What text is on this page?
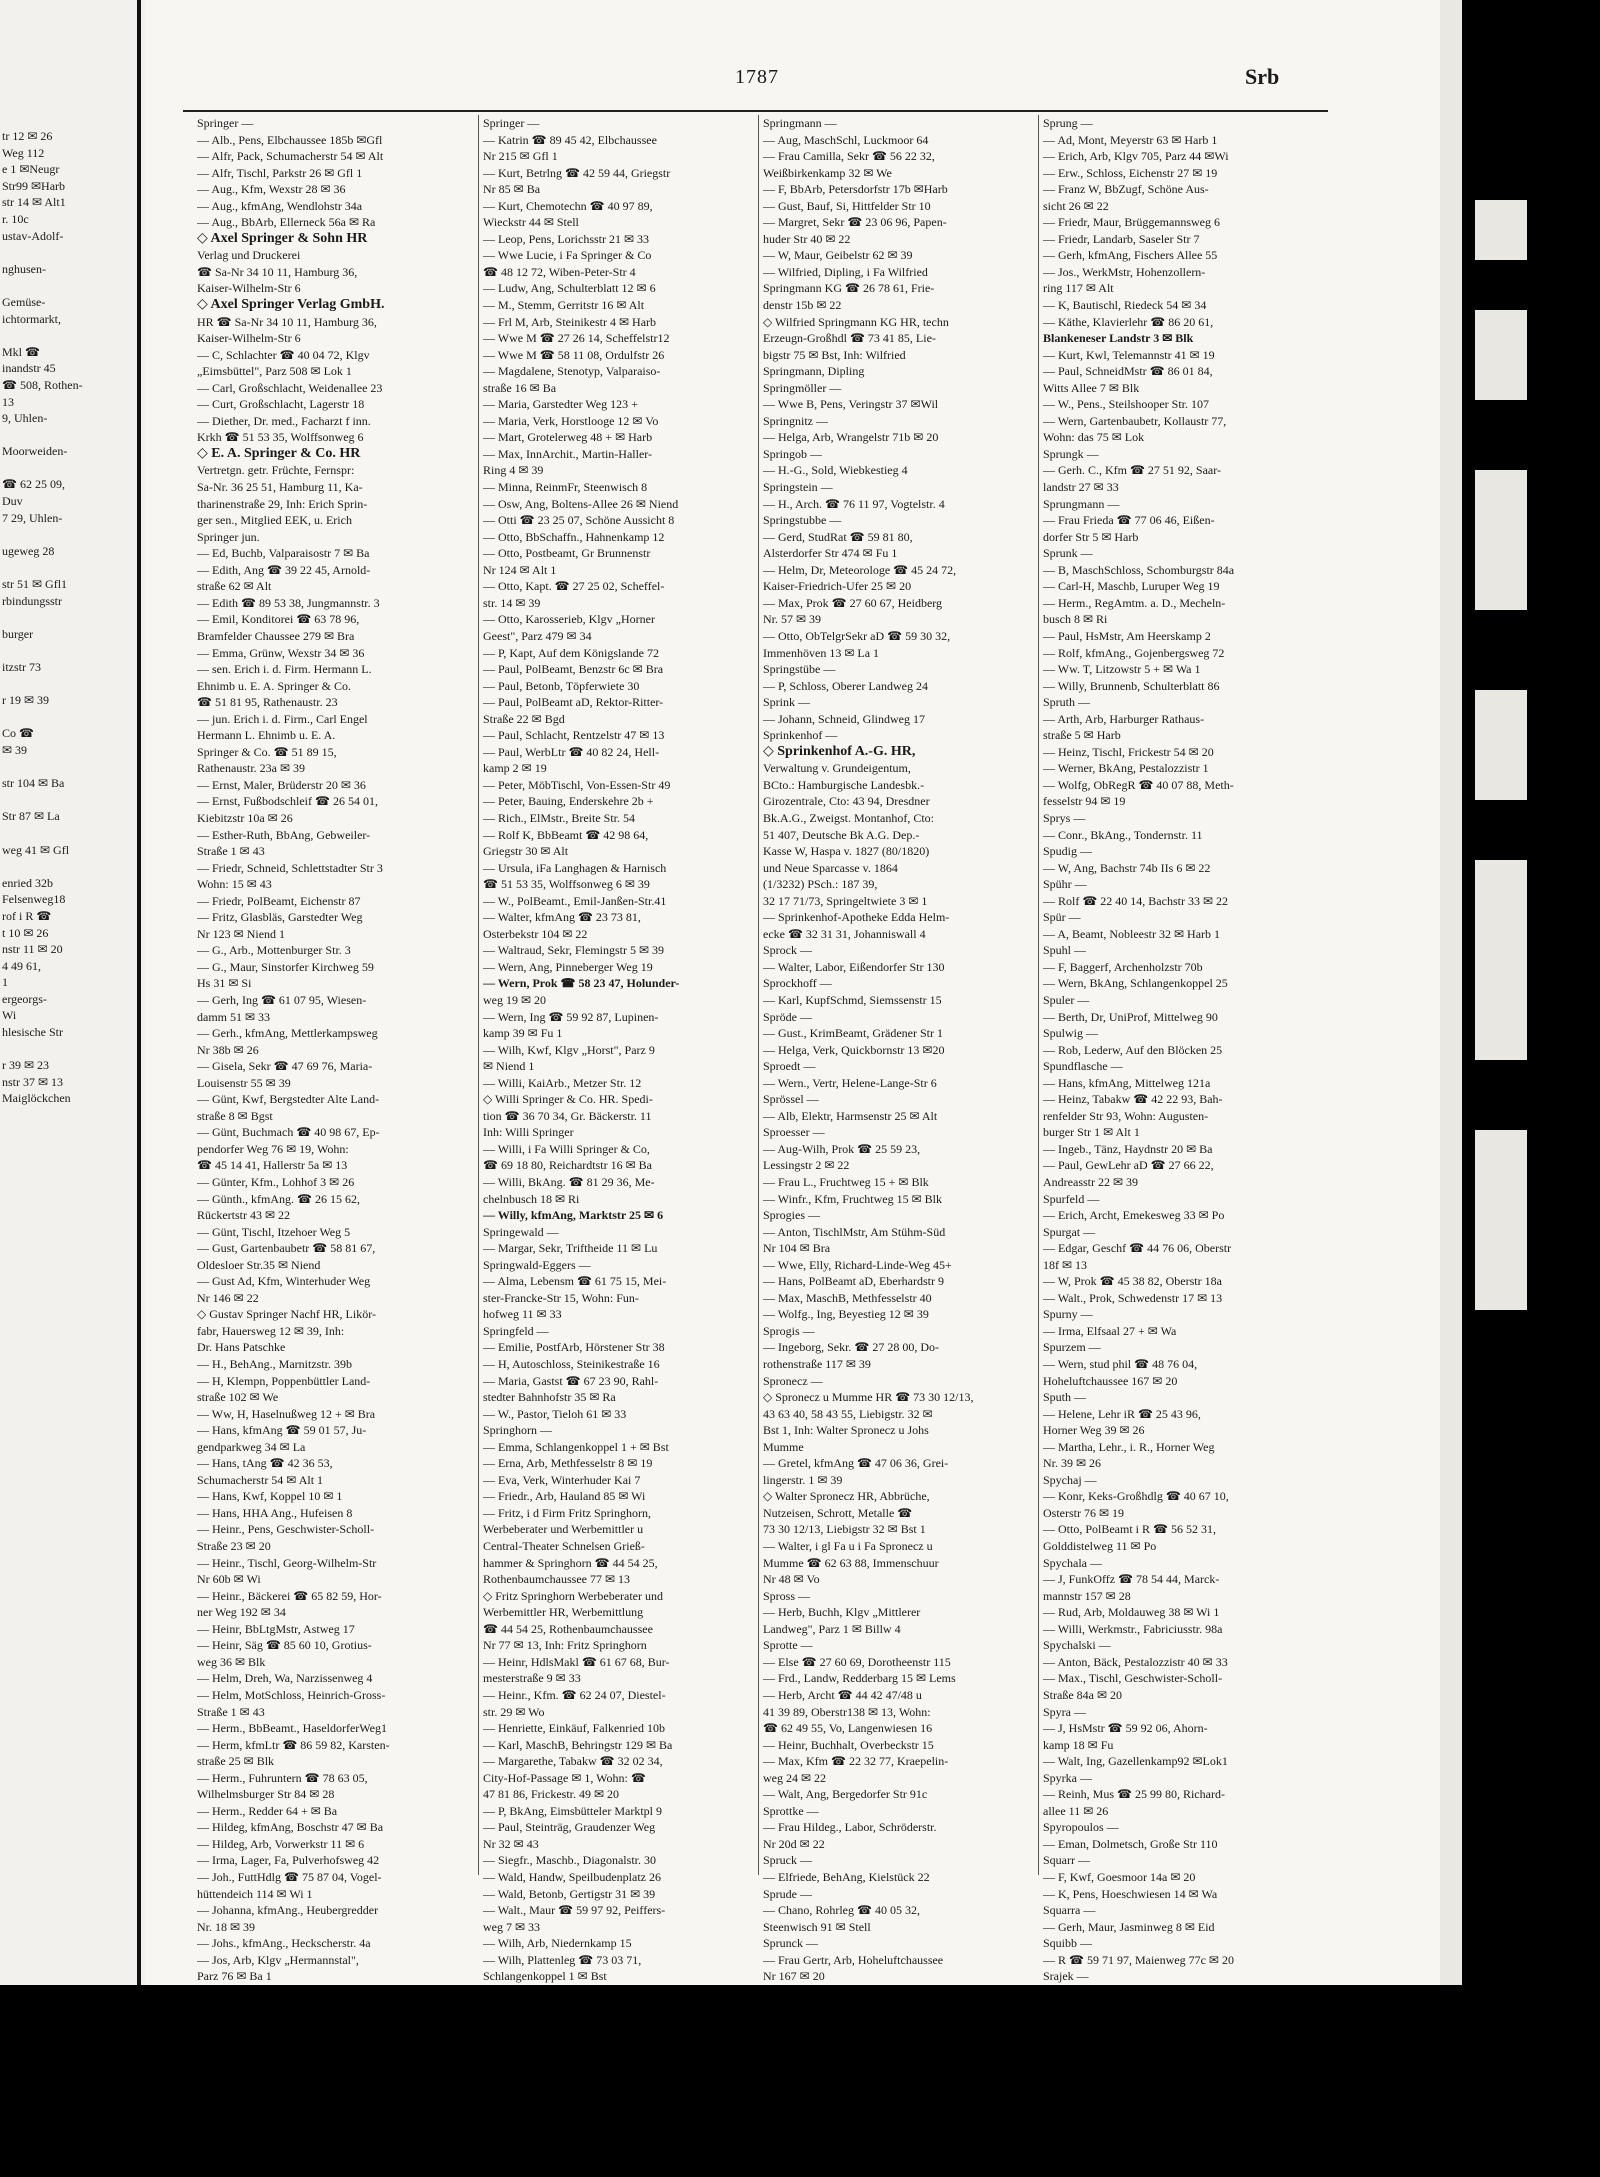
tr 12 ✉ 26
Weg 112
e 1 ✉Neugr
Str99 ✉Harb
str 14 ✉ Alt1
r. 10c
ustav-Adolf-

nghusen-

Gemüse-
ichtormarkt,

Mkl ☎
inandstr 45
☎ 508, Rothen-
13
9, Uhlen-

Moorweiden-

☎ 62 25 09,
Duv
7 29, Uhlen-

ugeweg 28

str 51 ✉ Gfl1
rbindungsstr

burger

itzstr 73

r 19 ✉ 39

Co ☎
✉ 39

str 104 ✉ Ba

Str 87 ✉ La

weg 41 ✉ Gfl

enried 32b
Felsenweg18
rof i R ☎
t 10 ✉ 26
nstr 11 ✉ 20
4 49 61,
1
ergeorgs-
Wi
hlesische Str

r 39 ✉ 23
nstr 37 ✉ 13
Maiglöckchen

1787	Srb
Springer —
— Alb., Pens, Elbchaussee 185b ✉Gfl
— Alfr, Pack, Schumacherstr 54 ✉ Alt
— Alfr, Tischl, Parkstr 26 ✉ Gfl 1
— Aug., Kfm, Wexstr 28 ✉ 36
— Aug., kfmAng, Wendlohstr 34a
— Aug., BbArb, Ellerneck 56a ✉ Ra
◇ Axel Springer & Sohn HR
Verlag und Druckerei
☎ Sa-Nr 34 10 11, Hamburg 36,
Kaiser-Wilhelm-Str 6
◇ Axel Springer Verlag GmbH.
HR ☎ Sa-Nr 34 10 11, Hamburg 36,
Kaiser-Wilhelm-Str 6
— C, Schlachter ☎ 40 04 72, Klgv
„Eimsbüttel", Parz 508 ✉ Lok 1
— Carl, Großschlacht, Weidenallee 23
— Curt, Großschlacht, Lagerstr 18
— Diether, Dr. med., Facharzt f inn.
Krkh ☎ 51 53 35, Wolffsonweg 6
◇ E. A. Springer & Co. HR
Vertretgn. getr. Früchte, Fernspr:
Sa-Nr. 36 25 51, Hamburg 11, Ka-
tharinenstraße 29, Inh: Erich Sprin-
ger sen., Mitglied EEK, u. Erich
Springer jun.
— Ed, Buchb, Valparaisostr 7 ✉ Ba
— Edith, Ang ☎ 39 22 45, Arnold-
straße 62 ✉ Alt
— Edith ☎ 89 53 38, Jungmannstr. 3
— Emil, Konditorei ☎ 63 78 96,
Bramfelder Chaussee 279 ✉ Bra
— Emma, Grünw, Wexstr 34 ✉ 36
— sen. Erich i. d. Firm. Hermann L.
Ehnimb u. E. A. Springer & Co.
☎ 51 81 95, Rathenaustr. 23
— jun. Erich i. d. Firm., Carl Engel
Hermann L. Ehnimb u. E. A.
Springer & Co. ☎ 51 89 15,
Rathenaustr. 23a ✉ 39
— Ernst, Maler, Brüderstr 20 ✉ 36
— Ernst, Fußbodschleif ☎ 26 54 01,
Kiebitzstr 10a ✉ 26
— Esther-Ruth, BbAng, Gebweiler-
Straße 1 ✉ 43
— Friedr, Schneid, Schlettstadter Str 3
Wohn: 15 ✉ 43
— Friedr, PolBeamt, Eichenstr 87
— Fritz, Glasbläs, Garstedter Weg
Nr 123 ✉ Niend 1
— G., Arb., Mottenburger Str. 3
— G., Maur, Sinstorfer Kirchweg 59
Hs 31 ✉ Si
— Gerh, Ing ☎ 61 07 95, Wiesen-
damm 51 ✉ 33
— Gerh., kfmAng, Mettlerkampsweg
Nr 38b ✉ 26
— Gisela, Sekr ☎ 47 69 76, Maria-
Louisenstr 55 ✉ 39
— Günt, Kwf, Bergstedter Alte Land-
straße 8 ✉ Bgst
— Günt, Buchmach ☎ 40 98 67, Ep-
pendorfer Weg 76 ✉ 19, Wohn:
☎ 45 14 41, Hallerstr 5a ✉ 13
— Günter, Kfm., Lohhof 3 ✉ 26
— Günth., kfmAng. ☎ 26 15 62,
Rückertstr 43 ✉ 22
— Günt, Tischl, Itzehoer Weg 5
— Gust, Gartenbaubetr ☎ 58 81 67,
Oldesloer Str.35 ✉ Niend
— Gust Ad, Kfm, Winterhuder Weg
Nr 146 ✉ 22
◇ Gustav Springer Nachf HR, Likör-
fabr, Hauersweg 12 ✉ 39, Inh:
Dr. Hans Patschke
— H., BehAng., Marnitzstr. 39b
— H, Klempn, Poppenbüttler Land-
straße 102 ✉ We
— Ww, H, Haselnußweg 12 + ✉ Bra
— Hans, kfmAng ☎ 59 01 57, Ju-
gendparkweg 34 ✉ La
— Hans, tAng ☎ 42 36 53,
Schumacherstr 54 ✉ Alt 1
— Hans, Kwf, Koppel 10 ✉ 1
— Hans, HHA Ang., Hufeisen 8
— Heinr., Pens, Geschwister-Scholl-
Straße 23 ✉ 20
— Heinr., Tischl, Georg-Wilhelm-Str
Nr 60b ✉ Wi
— Heinr., Bäckerei ☎ 65 82 59, Hor-
ner Weg 192 ✉ 34
— Heinr, BbLtgMstr, Astweg 17
— Heinr, Säg ☎ 85 60 10, Grotius-
weg 36 ✉ Blk
— Helm, Dreh, Wa, Narzissenweg 4
— Helm, MotSchloss, Heinrich-Gross-
Straße 1 ✉ 43
— Herm., BbBeamt., HaseldorferWeg1
— Herm, kfmLtr ☎ 86 59 82, Karsten-
straße 25 ✉ Blk
— Herm., Fuhruntern ☎ 78 63 05,
Wilhelmsburger Str 84 ✉ 28
— Herm., Redder 64 + ✉ Ba
— Hildeg, kfmAng, Boschstr 47 ✉ Ba
— Hildeg, Arb, Vorwerkstr 11 ✉ 6
— Irma, Lager, Fa, Pulverhofsweg 42
— Joh., FuttHdlg ☎ 75 87 04, Vogel-
hüttendeich 114 ✉ Wi 1
— Johanna, kfmAng., Heubergredder
Nr. 18 ✉ 39
— Johs., kfmAng., Heckscherstr. 4a
— Jos, Arb, Klgv „Hermannstal",
Parz 76 ✉ Ba 1
Springer —
— Katrin ☎ 89 45 42, Elbchaussee
Nr 215 ✉ Gfl 1
— Kurt, Betrlng ☎ 42 59 44, Griegstr
Nr 85 ✉ Ba
— Kurt, Chemotechn ☎ 40 97 89,
Wieckstr 44 ✉ Stell
— Leop, Pens, Lorichsstr 21 ✉ 33
— Wwe Lucie, i Fa Springer & Co
☎ 48 12 72, Wiben-Peter-Str 4
— Ludw, Ang, Schulterblatt 12 ✉ 6
— M., Stemm, Gerritstr 16 ✉ Alt
— Frl M, Arb, Steinikestr 4 ✉ Harb
— Wwe M ☎ 27 26 14, Scheffelstr12
— Wwe M ☎ 58 11 08, Ordulfstr 26
— Magdalene, Stenotyp, Valparaiso-
straße 16 ✉ Ba
— Maria, Garstedter Weg 123 +
— Maria, Verk, Horstlooge 12 ✉ Vo
— Mart, Grotelerweg 48 + ✉ Harb
— Max, InnArchit., Martin-Haller-
Ring 4 ✉ 39
— Minna, ReinmFr, Steenwisch 8
— Osw, Ang, Boltens-Allee 26 ✉ Niend
— Otti ☎ 23 25 07, Schöne Aussicht 8
— Otto, BbSchaffn., Hahnenkamp 12
— Otto, Postbeamt, Gr Brunnenstr
Nr 124 ✉ Alt 1
— Otto, Kapt. ☎ 27 25 02, Scheffel-
str. 14 ✉ 39
— Otto, Karosserieb, Klgv „Horner
Geest", Parz 479 ✉ 34
— P, Kapt, Auf dem Königslande 72
— Paul, PolBeamt, Benzstr 6c ✉ Bra
— Paul, Betonb, Töpferwiete 30
— Paul, PolBeamt aD, Rektor-Ritter-
Straße 22 ✉ Bgd
— Paul, Schlacht, Rentzelstr 47 ✉ 13
— Paul, WerbLtr ☎ 40 82 24, Hell-
kamp 2 ✉ 19
— Peter, MöbTischl, Von-Essen-Str 49
— Peter, Bauing, Enderskehre 2b +
— Rich., ElMstr., Breite Str. 54
— Rolf K, BbBeamt ☎ 42 98 64,
Griegstr 30 ✉ Alt
— Ursula, iFa Langhagen & Harnisch
☎ 51 53 35, Wolffsonweg 6 ✉ 39
— W., PolBeamt., Emil-Janßen-Str.41
— Walter, kfmAng ☎ 23 73 81,
Osterbekstr 104 ✉ 22
— Waltraud, Sekr, Flemingstr 5 ✉ 39
— Wern, Ang, Pinneberger Weg 19
— Wern, Prok ☎ 58 23 47, Holunder-
weg 19 ✉ 20
— Wern, Ing ☎ 59 92 87, Lupinen-
kamp 39 ✉ Fu 1
— Wilh, Kwf, Klgv „Horst", Parz 9
✉ Niend 1
— Willi, KaiArb., Metzer Str. 12
◇ Willi Springer & Co. HR. Spedi-
tion ☎ 36 70 34, Gr. Bäckerstr. 11
Inh: Willi Springer
— Willi, i Fa Willi Springer & Co,
☎ 69 18 80, Reichardtstr 16 ✉ Ba
— Willi, BkAng. ☎ 81 29 36, Me-
chelnbusch 18 ✉ Ri
— Willy, kfmAng, Marktstr 25 ✉ 6
Springewald —
— Margar, Sekr, Triftheide 11 ✉ Lu
Springwald-Eggers —
— Alma, Lebensm ☎ 61 75 15, Mei-
ster-Francke-Str 15, Wohn: Fun-
hofweg 11 ✉ 33
Springfeld —
— Emilie, PostfArb, Hörstener Str 38
— H, Autoschloss, Steinikestraße 16
— Maria, Gastst ☎ 67 23 90, Rahl-
stedter Bahnhofstr 35 ✉ Ra
— W., Pastor, Tieloh 61 ✉ 33
Springhorn —
— Emma, Schlangenkoppel 1 + ✉ Bst
— Erna, Arb, Methfesselstr 8 ✉ 19
— Eva, Verk, Winterhuder Kai 7
— Friedr., Arb, Hauland 85 ✉ Wi
— Fritz, i d Firm Fritz Springhorn,
Werbeberater und Werbemittler u
Central-Theater Schnelsen Grieß-
hammer & Springhorn ☎ 44 54 25,
Rothenbaumchaussee 77 ✉ 13
◇ Fritz Springhorn Werbeberater und
Werbemittler HR, Werbemittlung
☎ 44 54 25, Rothenbaumchaussee
Nr 77 ✉ 13, Inh: Fritz Springhorn
— Heinr, HdlsMakl ☎ 61 67 68, Bur-
mesterstraße 9 ✉ 33
— Heinr., Kfm. ☎ 62 24 07, Diestel-
str. 29 ✉ Wo
— Henriette, Einkäuf, Falkenried 10b
— Karl, MaschB, Behringstr 129 ✉ Ba
— Margarethe, Tabakw ☎ 32 02 34,
City-Hof-Passage ✉ 1, Wohn: ☎
47 81 86, Frickestr. 49 ✉ 20
— P, BkAng, Eimsbütteler Marktpl 9
— Paul, Steinträg, Graudenzer Weg
Nr 32 ✉ 43
— Siegfr., Maschb., Diagonalstr. 30
— Wald, Handw, Speilbudenplatz 26
— Wald, Betonb, Gertigstr 31 ✉ 39
— Walt., Maur ☎ 59 97 92, Peiffers-
weg 7 ✉ 33
— Wilh, Arb, Niedernkamp 15
— Wilh, Plattenleg ☎ 73 03 71,
Schlangenkoppel 1 ✉ Bst
Springmann —
— Aug, MaschSchl, Luckmoor 64
— Frau Camilla, Sekr ☎ 56 22 32,
Weißbirkenkamp 32 ✉ We
— F, BbArb, Petersdorfstr 17b ✉Harb
— Gust, Bauf, Si, Hittfelder Str 10
— Margret, Sekr ☎ 23 06 96, Papen-
huder Str 40 ✉ 22
— W, Maur, Geibelstr 62 ✉ 39
— Wilfried, Dipling, i Fa Wilfried
Springmann KG ☎ 26 78 61, Frie-
denstr 15b ✉ 22
◇ Wilfried Springmann KG HR, techn
Erzeugn-Großhdl ☎ 73 41 85, Lie-
bigstr 75 ✉ Bst, Inh: Wilfried
Springmann, Dipling
Springmöller —
— Wwe B, Pens, Veringstr 37 ✉Wil
Springnitz —
— Helga, Arb, Wrangelstr 71b ✉ 20
Springob —
— H.-G., Sold, Wiebkestieg 4
Springstein —
— H., Arch. ☎ 76 11 97, Vogtelstr. 4
Springstubbe —
— Gerd, StudRat ☎ 59 81 80,
Alsterdorfer Str 474 ✉ Fu 1
— Helm, Dr, Meteorologe ☎ 45 24 72,
Kaiser-Friedrich-Ufer 25 ✉ 20
— Max, Prok ☎ 27 60 67, Heidberg
Nr. 57 ✉ 39
— Otto, ObTelgrSekr aD ☎ 59 30 32,
Immenhöven 13 ✉ La 1
Springstübe —
— P, Schloss, Oberer Landweg 24
Sprink —
— Johann, Schneid, Glindweg 17
Sprinkenhof —
◇ Sprinkenhof A.-G. HR,
Verwaltung v. Grundeigentum,
BCto.: Hamburgische Landesbk.-
Girozentrale, Cto: 43 94, Dresdner
Bk.A.G., Zweigst. Montanhof, Cto:
51 407, Deutsche Bk A.G. Dep.-
Kasse W, Haspa v. 1827 (80/1820)
und Neue Sparcasse v. 1864
(1/3232) PSch.: 187 39,
32 17 71/73, Springeltwiete 3 ✉ 1
— Sprinkenhof-Apotheke Edda Helm-
ecke ☎ 32 31 31, Johanniswall 4
Sprock —
— Walter, Labor, Eißendorfer Str 130
Sprockhoff —
— Karl, KupfSchmd, Siemssenstr 15
Spröde —
— Gust., KrimBeamt, Grädener Str 1
— Helga, Verk, Quickbornstr 13 ✉20
Sproedt —
— Wern., Vertr, Helene-Lange-Str 6
Sprössel —
— Alb, Elektr, Harmsenstr 25 ✉ Alt
Sproesser —
— Aug-Wilh, Prok ☎ 25 59 23,
Lessingstr 2 ✉ 22
— Frau L., Fruchtweg 15 + ✉ Blk
— Winfr., Kfm, Fruchtweg 15 ✉ Blk
Sprogies —
— Anton, TischlMstr, Am Stühm-Süd
Nr 104 ✉ Bra
— Wwe, Elly, Richard-Linde-Weg 45+
— Hans, PolBeamt aD, Eberhardstr 9
— Max, MaschB, Methfesselstr 40
— Wolfg., Ing, Beyestieg 12 ✉ 39
Sprogis —
— Ingeborg, Sekr. ☎ 27 28 00, Do-
rothenstraße 117 ✉ 39
Spronecz —
◇ Spronecz u Mumme HR ☎ 73 30 12/13,
43 63 40, 58 43 55, Liebigstr. 32 ✉
Bst 1, Inh: Walter Spronecz u Johs
Mumme
— Gretel, kfmAng ☎ 47 06 36, Grei-
lingerstr. 1 ✉ 39
◇ Walter Spronecz HR, Abbrüche,
Nutzeisen, Schrott, Metalle ☎
73 30 12/13, Liebigstr 32 ✉ Bst 1
— Walter, i gl Fa u i Fa Spronecz u
Mumme ☎ 62 63 88, Immenschuur
Nr 48 ✉ Vo
Spross —
— Herb, Buchh, Klgv „Mittlerer
Landweg", Parz 1 ✉ Billw 4
Sprotte —
— Else ☎ 27 60 69, Dorotheenstr 115
— Frd., Landw, Redderbarg 15 ✉ Lems
— Herb, Archt ☎ 44 42 47/48 u
41 39 89, Oberstr138 ✉ 13, Wohn:
☎ 62 49 55, Vo, Langenwiesen 16
— Heinr, Buchhalt, Overbeckstr 15
— Max, Kfm ☎ 22 32 77, Kraepelin-
weg 24 ✉ 22
— Walt, Ang, Bergedorfer Str 91c
Sprottke —
— Frau Hildeg., Labor, Schröderstr.
Nr 20d ✉ 22
Spruck —
— Elfriede, BehAng, Kielstück 22
Sprude —
— Chano, Rohrleg ☎ 40 05 32,
Steenwisch 91 ✉ Stell
Sprunck —
— Frau Gertr, Arb, Hoheluftchaussee
Nr 167 ✉ 20
Sprung —
— Ad, Mont, Meyerstr 63 ✉ Harb 1
— Erich, Arb, Klgv 705, Parz 44 ✉Wi
— Erw., Schloss, Eichenstr 27 ✉ 19
— Franz W, BbZugf, Schöne Aus-
sicht 26 ✉ 22
— Friedr, Maur, Brüggemannsweg 6
— Friedr, Landarb, Saseler Str 7
— Gerh, kfmAng, Fischers Allee 55
— Jos., WerkMstr, Hohenzollern-
ring 117 ✉ Alt
— K, Bautischl, Riedeck 54 ✉ 34
— Käthe, Klavierlehr ☎ 86 20 61,
Blankeneser Landstr 3 ✉ Blk
— Kurt, Kwl, Telemannstr 41 ✉ 19
— Paul, SchneidMstr ☎ 86 01 84,
Witts Allee 7 ✉ Blk
— W., Pens., Steilshooper Str. 107
— Wern, Gartenbaubetr, Kollaustr 77,
Wohn: das 75 ✉ Lok
Sprungk —
— Gerh. C., Kfm ☎ 27 51 92, Saar-
landstr 27 ✉ 33
Sprungmann —
— Frau Frieda ☎ 77 06 46, Eißen-
dorfer Str 5 ✉ Harb
Sprunk —
— B, MaschSchloss, Schomburgstr 84a
— Carl-H, Maschb, Luruper Weg 19
— Herm., RegAmtm. a. D., Mecheln-
busch 8 ✉ Ri
— Paul, HsMstr, Am Heerskamp 2
— Rolf, kfmAng., Gojenbergsweg 72
— Ww. T, Litzowstr 5 + ✉ Wa 1
— Willy, Brunnenb, Schulterblatt 86
Spruth —
— Arth, Arb, Harburger Rathaus-
straße 5 ✉ Harb
— Heinz, Tischl, Frickestr 54 ✉ 20
— Werner, BkAng, Pestalozzistr 1
— Wolfg, ObRegR ☎ 40 07 88, Meth-
fesselstr 94 ✉ 19
Sprys —
— Conr., BkAng., Tondernstr. 11
Spudig —
— W, Ang, Bachstr 74b IIs 6 ✉ 22
Spühr —
— Rolf ☎ 22 40 14, Bachstr 33 ✉ 22
Spür —
— A, Beamt, Nobleestr 32 ✉ Harb 1
Spuhl —
— F, Baggerf, Archenholzstr 70b
— Wern, BkAng, Schlangenkoppel 25
Spuler —
— Berth, Dr, UniProf, Mittelweg 90
Spulwig —
— Rob, Lederw, Auf den Blöcken 25
Spundflasche —
— Hans, kfmAng, Mittelweg 121a
— Heinz, Tabakw ☎ 42 22 93, Bah-
renfelder Str 93, Wohn: Augusten-
burger Str 1 ✉ Alt 1
— Ingeb., Tänz, Haydnstr 20 ✉ Ba
— Paul, GewLehr aD ☎ 27 66 22,
Andreasstr 22 ✉ 39
Spurfeld —
— Erich, Archt, Emekesweg 33 ✉ Po
Spurgat —
— Edgar, Geschf ☎ 44 76 06, Oberstr
18f ✉ 13
— W, Prok ☎ 45 38 82, Oberstr 18a
— Walt., Prok, Schwedenstr 17 ✉ 13
Spurny —
— Irma, Elfsaal 27 + ✉ Wa
Spurzem —
— Wern, stud phil ☎ 48 76 04,
Hoheluftchaussee 167 ✉ 20
Sputh —
— Helene, Lehr iR ☎ 25 43 96,
Horner Weg 39 ✉ 26
— Martha, Lehr., i. R., Horner Weg
Nr. 39 ✉ 26
Spychaj —
— Konr, Keks-Großhdlg ☎ 40 67 10,
Osterstr 76 ✉ 19
— Otto, PolBeamt i R ☎ 56 52 31,
Golddistelweg 11 ✉ Po
Spychala —
— J, FunkOffz ☎ 78 54 44, Marck-
mannstr 157 ✉ 28
— Rud, Arb, Moldauweg 38 ✉ Wi 1
— Willi, Werkmstr., Fabriciusstr. 98a
Spychalski —
— Anton, Bäck, Pestalozzistr 40 ✉ 33
— Max., Tischl, Geschwister-Scholl-
Straße 84a ✉ 20
Spyra —
— J, HsMstr ☎ 59 92 06, Ahorn-
kamp 18 ✉ Fu
— Walt, Ing, Gazellenkamp92 ✉Lok1
Spyrka —
— Reinh, Mus ☎ 25 99 80, Richard-
allee 11 ✉ 26
Spyropoulos —
— Eman, Dolmetsch, Große Str 110
Squarr —
— F, Kwf, Goesmoor 14a ✉ 20
— K, Pens, Hoeschwiesen 14 ✉ Wa
Squarra —
— Gerh, Maur, Jasminweg 8 ✉ Eid
Squibb —
— R ☎ 59 71 97, Maienweg 77c ✉ 20
Srajek —
